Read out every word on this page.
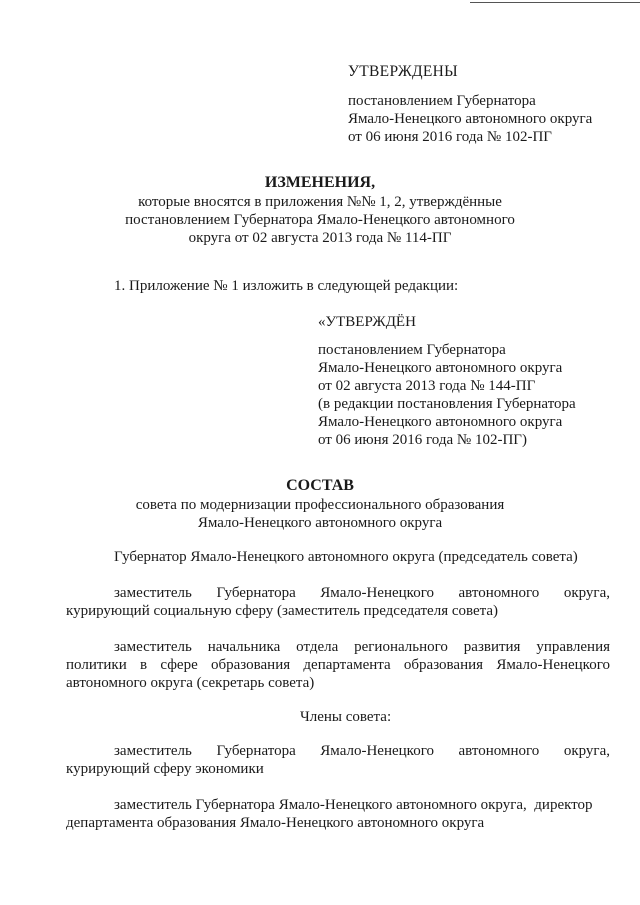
УТВЕРЖДЕНЫ
постановлением Губернатора
Ямало-Ненецкого автономного округа
от 06 июня 2016 года № 102-ПГ
ИЗМЕНЕНИЯ,
которые вносятся в приложения №№ 1, 2, утверждённые
постановлением Губернатора Ямало-Ненецкого автономного
округа от 02 августа 2013 года № 114-ПГ
1. Приложение № 1 изложить в следующей редакции:
«УТВЕРЖДЁН
постановлением Губернатора
Ямало-Ненецкого автономного округа
от 02 августа 2013 года № 144-ПГ
(в редакции постановления Губернатора
Ямало-Ненецкого автономного округа
от 06 июня 2016 года № 102-ПГ)
СОСТАВ
совета по модернизации профессионального образования
Ямало-Ненецкого автономного округа
Губернатор Ямало-Ненецкого автономного округа (председатель совета)
заместитель Губернатора Ямало-Ненецкого автономного округа,
курирующий социальную сферу (заместитель председателя совета)
заместитель начальника отдела регионального развития управления политики в сфере образования департамента образования Ямало-Ненецкого автономного округа (секретарь совета)
Члены совета:
заместитель Губернатора Ямало-Ненецкого автономного округа,
курирующий сферу экономики
заместитель Губернатора Ямало-Ненецкого автономного округа,  директор
департамента образования Ямало-Ненецкого автономного округа
